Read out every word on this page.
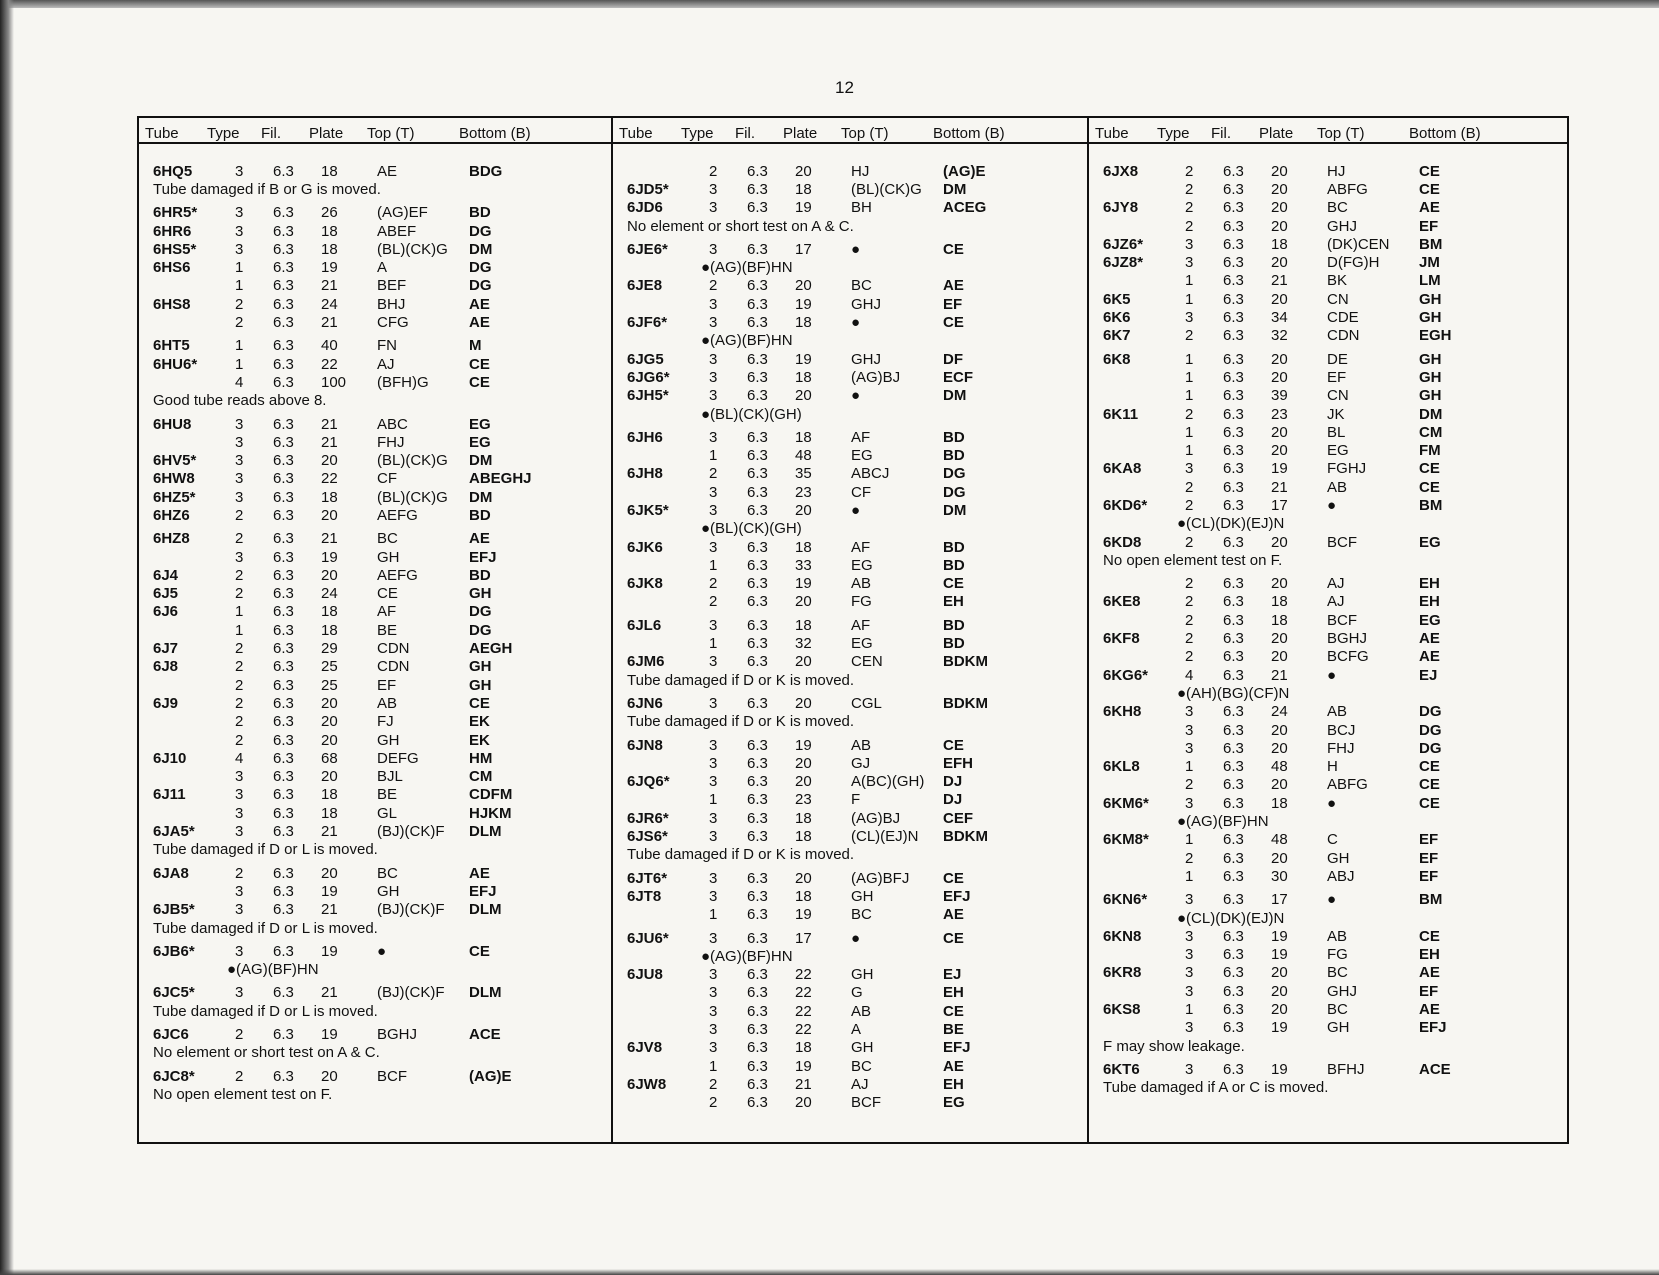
12
Tube	Type	Fil.	Plate	Top (T)	Bottom (B)
6HQ5	3	6.3	18	AE	BDG
Tube damaged if B or G is moved.
6HR5*	3	6.3	26	(AG)EF	BD
6HR6	3	6.3	18	ABEF	DG
6HS5*	3	6.3	18	(BL)(CK)G	DM
6HS6	1	6.3	19	A	DG
1	6.3	21	BEF	DG
6HS8	2	6.3	24	BHJ	AE
2	6.3	21	CFG	AE
6HT5	1	6.3	40	FN	M
6HU6*	1	6.3	22	AJ	CE
4	6.3	100	(BFH)G	CE
Good tube reads above 8.
6HU8	3	6.3	21	ABC	EG
3	6.3	21	FHJ	EG
6HV5*	3	6.3	20	(BL)(CK)G	DM
6HW8	3	6.3	22	CF	ABEGHJ
6HZ5*	3	6.3	18	(BL)(CK)G	DM
6HZ6	2	6.3	20	AEFG	BD
6HZ8	2	6.3	21	BC	AE
3	6.3	19	GH	EFJ
6J4	2	6.3	20	AEFG	BD
6J5	2	6.3	24	CE	GH
6J6	1	6.3	18	AF	DG
1	6.3	18	BE	DG
6J7	2	6.3	29	CDN	AEGH
6J8	2	6.3	25	CDN	GH
2	6.3	25	EF	GH
6J9	2	6.3	20	AB	CE
2	6.3	20	FJ	EK
2	6.3	20	GH	EK
6J10	4	6.3	68	DEFG	HM
3	6.3	20	BJL	CM
6J11	3	6.3	18	BE	CDFM
3	6.3	18	GL	HJKM
6JA5*	3	6.3	21	(BJ)(CK)F	DLM
Tube damaged if D or L is moved.
6JA8	2	6.3	20	BC	AE
3	6.3	19	GH	EFJ
6JB5*	3	6.3	21	(BJ)(CK)F	DLM
Tube damaged if D or L is moved.
6JB6*	3	6.3	19	●	CE
●(AG)(BF)HN
6JC5*	3	6.3	21	(BJ)(CK)F	DLM
Tube damaged if D or L is moved.
6JC6	2	6.3	19	BGHJ	ACE
No element or short test on A & C.
6JC8*	2	6.3	20	BCF	(AG)E
No open element test on F.
Tube	Type	Fil.	Plate	Top (T)	Bottom (B)
2	6.3	20	HJ	(AG)E
6JD5*	3	6.3	18	(BL)(CK)G	DM
6JD6	3	6.3	19	BH	ACEG
No element or short test on A & C.
6JE6*	3	6.3	17	●	CE
●(AG)(BF)HN
6JE8	2	6.3	20	BC	AE
3	6.3	19	GHJ	EF
6JF6*	3	6.3	18	●	CE
●(AG)(BF)HN
6JG5	3	6.3	19	GHJ	DF
6JG6*	3	6.3	18	(AG)BJ	ECF
6JH5*	3	6.3	20	●	DM
●(BL)(CK)(GH)
6JH6	3	6.3	18	AF	BD
1	6.3	48	EG	BD
6JH8	2	6.3	35	ABCJ	DG
3	6.3	23	CF	DG
6JK5*	3	6.3	20	●	DM
●(BL)(CK)(GH)
6JK6	3	6.3	18	AF	BD
1	6.3	33	EG	BD
6JK8	2	6.3	19	AB	CE
2	6.3	20	FG	EH
6JL6	3	6.3	18	AF	BD
1	6.3	32	EG	BD
6JM6	3	6.3	20	CEN	BDKM
Tube damaged if D or K is moved.
6JN6	3	6.3	20	CGL	BDKM
Tube damaged if D or K is moved.
6JN8	3	6.3	19	AB	CE
3	6.3	20	GJ	EFH
6JQ6*	3	6.3	20	A(BC)(GH)	DJ
1	6.3	23	F	DJ
6JR6*	3	6.3	18	(AG)BJ	CEF
6JS6*	3	6.3	18	(CL)(EJ)N	BDKM
Tube damaged if D or K is moved.
6JT6*	3	6.3	20	(AG)BFJ	CE
6JT8	3	6.3	18	GH	EFJ
1	6.3	19	BC	AE
6JU6*	3	6.3	17	●	CE
●(AG)(BF)HN
6JU8	3	6.3	22	GH	EJ
3	6.3	22	G	EH
3	6.3	22	AB	CE
3	6.3	22	A	BE
6JV8	3	6.3	18	GH	EFJ
1	6.3	19	BC	AE
6JW8	2	6.3	21	AJ	EH
2	6.3	20	BCF	EG
Tube	Type	Fil.	Plate	Top (T)	Bottom (B)
6JX8	2	6.3	20	HJ	CE
2	6.3	20	ABFG	CE
6JY8	2	6.3	20	BC	AE
2	6.3	20	GHJ	EF
6JZ6*	3	6.3	18	(DK)CEN	BM
6JZ8*	3	6.3	20	D(FG)H	JM
1	6.3	21	BK	LM
6K5	1	6.3	20	CN	GH
6K6	3	6.3	34	CDE	GH
6K7	2	6.3	32	CDN	EGH
6K8	1	6.3	20	DE	GH
1	6.3	20	EF	GH
1	6.3	39	CN	GH
6K11	2	6.3	23	JK	DM
1	6.3	20	BL	CM
1	6.3	20	EG	FM
6KA8	3	6.3	19	FGHJ	CE
2	6.3	21	AB	CE
6KD6*	2	6.3	17	●	BM
●(CL)(DK)(EJ)N
6KD8	2	6.3	20	BCF	EG
No open element test on F.
2	6.3	20	AJ	EH
6KE8	2	6.3	18	AJ	EH
2	6.3	18	BCF	EG
6KF8	2	6.3	20	BGHJ	AE
2	6.3	20	BCFG	AE
6KG6*	4	6.3	21	●	EJ
●(AH)(BG)(CF)N
6KH8	3	6.3	24	AB	DG
3	6.3	20	BCJ	DG
3	6.3	20	FHJ	DG
6KL8	1	6.3	48	H	CE
2	6.3	20	ABFG	CE
6KM6*	3	6.3	18	●	CE
●(AG)(BF)HN
6KM8*	1	6.3	48	C	EF
2	6.3	20	GH	EF
1	6.3	30	ABJ	EF
6KN6*	3	6.3	17	●	BM
●(CL)(DK)(EJ)N
6KN8	3	6.3	19	AB	CE
3	6.3	19	FG	EH
6KR8	3	6.3	20	BC	AE
3	6.3	20	GHJ	EF
6KS8	1	6.3	20	BC	AE
3	6.3	19	GH	EFJ
F may show leakage.
6KT6	3	6.3	19	BFHJ	ACE
Tube damaged if A or C is moved.
